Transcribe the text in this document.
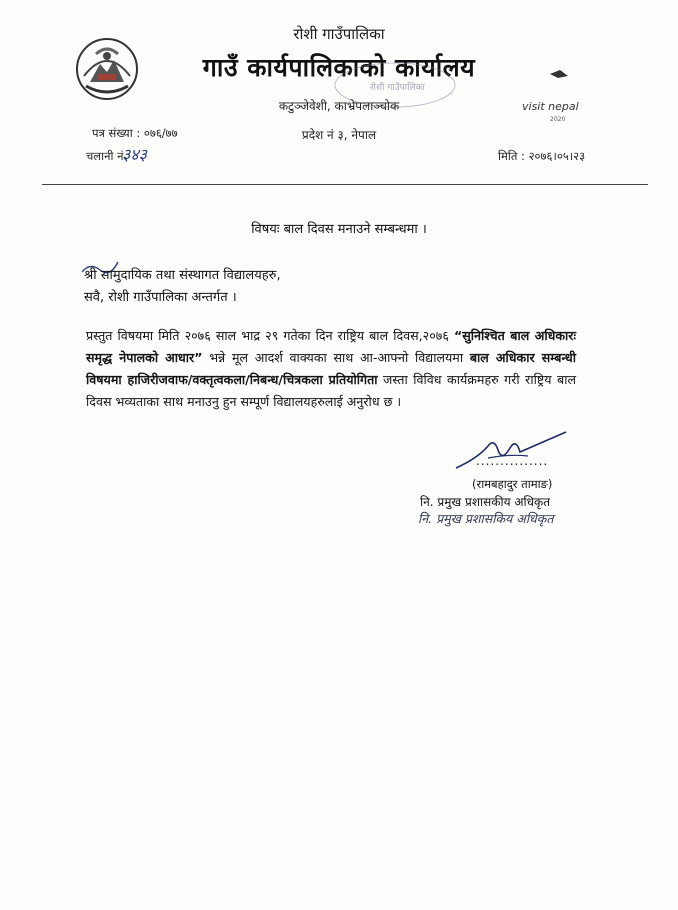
रोशी गाउँपालिका
गाउँ कार्यपालिकाको कार्यालय
रोशी गाउँपालिका
कटुञ्जेवेशी, काभ्रेपलाञ्चोक	visit nepal
2020
पत्र संख्या : ०७६/७७	प्रदेश नं ३, नेपाल
चलानी नं.
३४३	मिति : २०७६।०५।२३
विषयः बाल दिवस मनाउने सम्बन्धमा ।
श्री सामुदायिक तथा संस्थागत विद्यालयहरु,
सवै, रोशी गाउँपालिका अन्तर्गत ।
प्रस्तुत विषयमा मिति २०७६ साल भाद्र २९ गतेका दिन राष्ट्रिय बाल दिवस,२०७६ “सुनिश्चित बाल अधिकारः समृद्ध नेपालको आधार” भन्ने मूल आदर्श वाक्यका साथ आ-आफ्नो विद्यालयमा बाल अधिकार सम्बन्धी विषयमा हाजिरीजवाफ/वक्तृत्वकला/निबन्ध/चित्रकला प्रतियोगिता जस्ता विविध कार्यक्रमहरु गरी राष्ट्रिय बाल दिवस भव्यताका साथ मनाउनु हुन सम्पूर्ण विद्यालयहरुलाई अनुरोध छ ।
...............
(रामबहादुर तामाङ)
नि. प्रमुख प्रशासकीय अधिकृत
नि. प्रमुख प्रशासकिय अधिकृत
